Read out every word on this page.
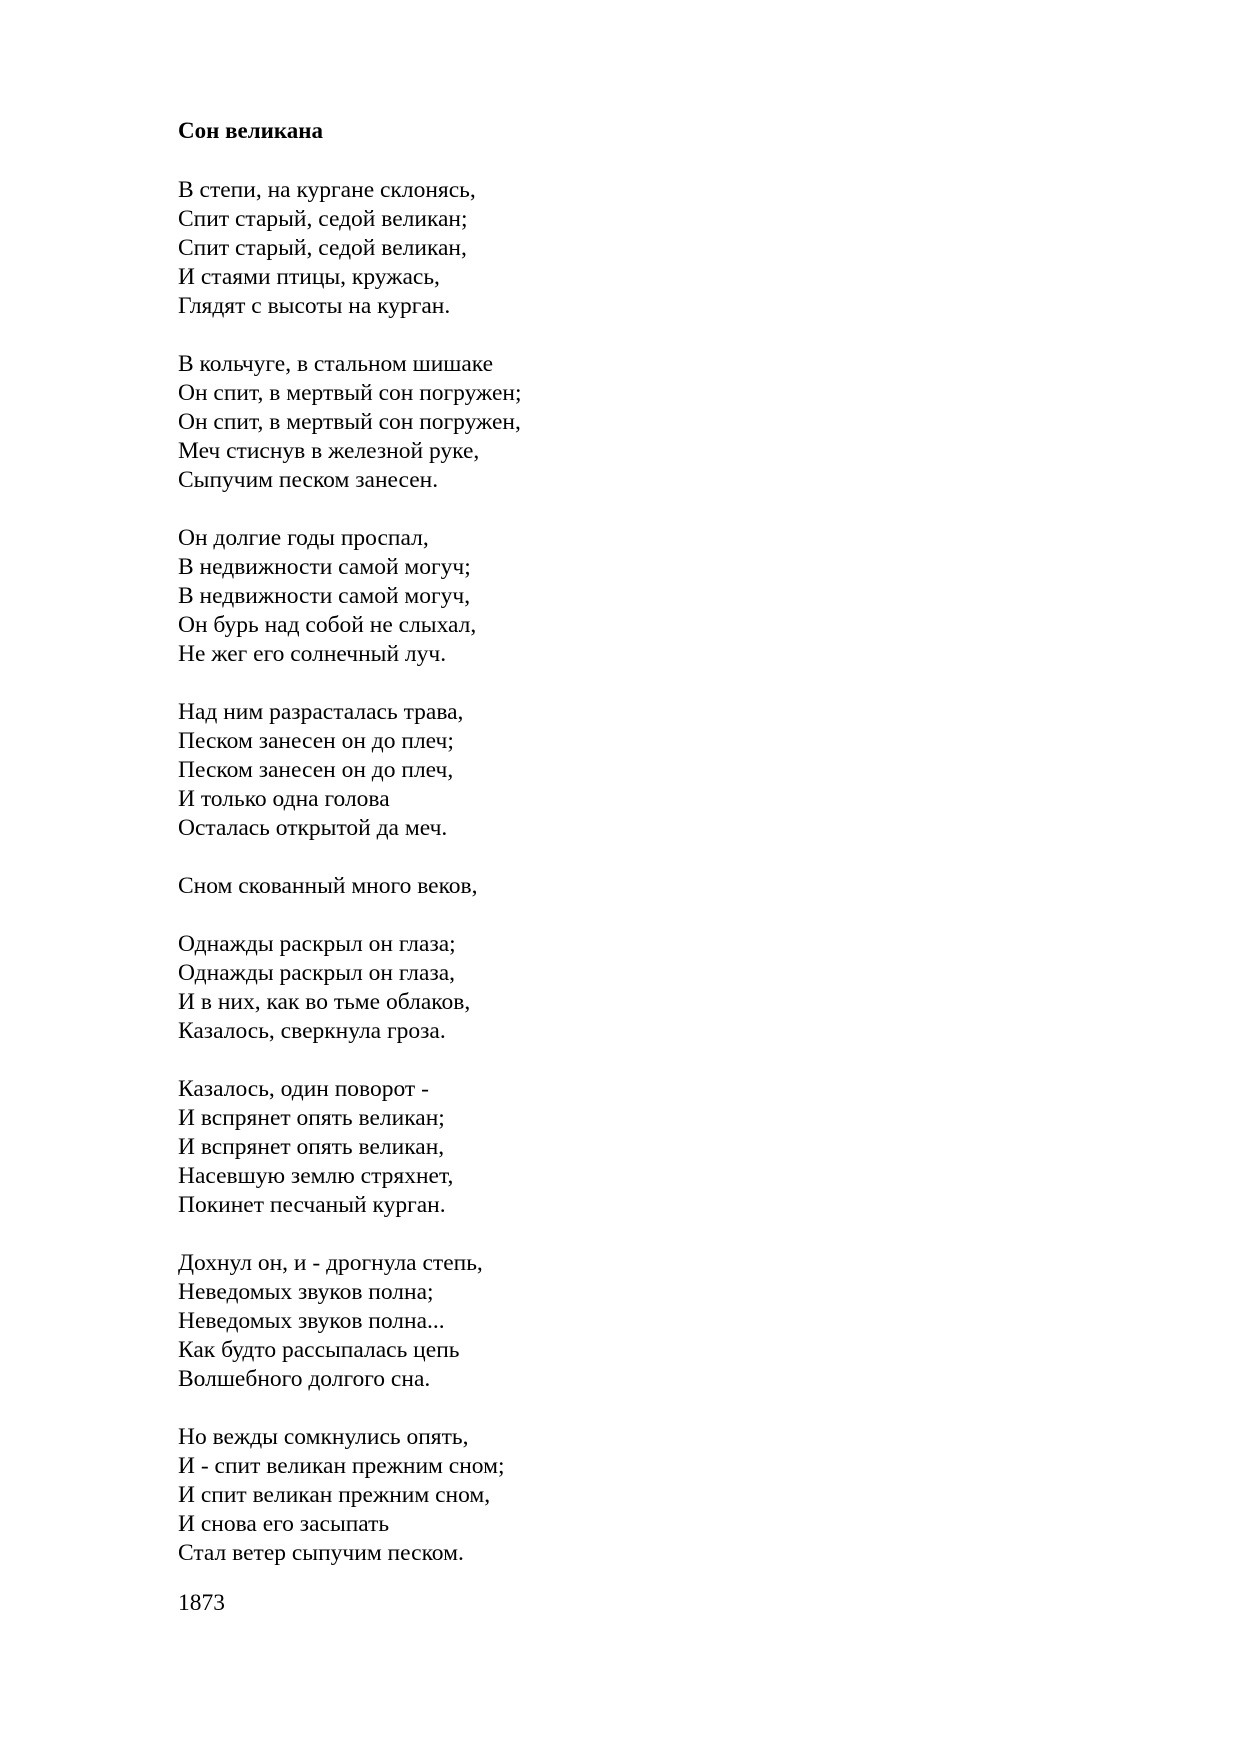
Сон великана
В степи, на кургане склонясь,
Спит старый, седой великан;
Спит старый, седой великан,
И стаями птицы, кружась,
Глядят с высоты на курган.
В кольчуге, в стальном шишаке
Он спит, в мертвый сон погружен;
Он спит, в мертвый сон погружен,
Меч стиснув в железной руке,
Сыпучим песком занесен.
Он долгие годы проспал,
В недвижности самой могуч;
В недвижности самой могуч,
Он бурь над собой не слыхал,
Не жег его солнечный луч.
Над ним разрасталась трава,
Песком занесен он до плеч;
Песком занесен он до плеч,
И только одна голова
Осталась открытой да меч.
Сном скованный много веков,
Однажды раскрыл он глаза;
Однажды раскрыл он глаза,
И в них, как во тьме облаков,
Казалось, сверкнула гроза.
Казалось, один поворот -
И вспрянет опять великан;
И вспрянет опять великан,
Насевшую землю стряхнет,
Покинет песчаный курган.
Дохнул он, и - дрогнула степь,
Неведомых звуков полна;
Неведомых звуков полна...
Как будто рассыпалась цепь
Волшебного долгого сна.
Но вежды сомкнулись опять,
И - спит великан прежним сном;
И спит великан прежним сном,
И снова его засыпать
Стал ветер сыпучим песком.

1873
